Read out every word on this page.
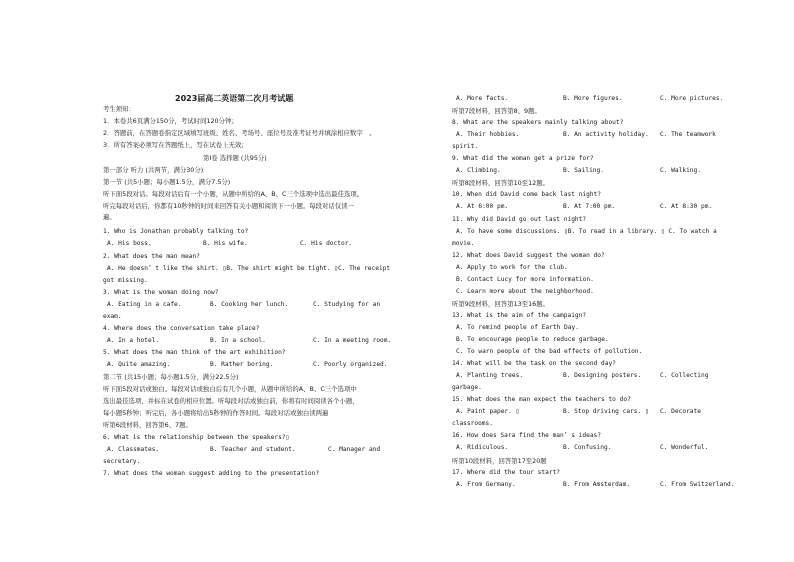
2023届高二英语第二次月考试题
考生须知：
1．本卷共6页满分150分，考试时间120分钟；
2．答题前，在答题卷指定区域填写班级、姓名、考场号、座位号及准考证号并填涂相应数字　。
3．所有答案必须写在答题纸上，写在试卷上无效；
第I卷 选择题 (共95分)
第一部分 听力 (共两节，满分30分)
第一节 (共5小题；每小题1.5分，满分7.5分)
听下面5段对话。每段对话后有一个小题，从题中所给的A、B、C三个选项中选出最佳选项。
听完每段对话后，你都有10秒钟的时间来回答有关小题和阅读下一小题。每段对话仅读一
遍。
1. Who is Jonathan probably talking to?
A. His boss.	B. His wife.	C. His doctor.
2. What does the man mean?
A. He doesn’ t like the shirt. ▯B. The shirt might be tight. ▯C. The receipt
got missing.
3. What is the woman doing now?
A. Eating in a cafe.	B. Cooking her lunch.	C. Studying for an
exam.
4. Where does the conversation take place?
A. In a hotel.	B. In a school.	C. In a meeting room.
5. What does the man think of the art exhibition?
A. Quite amazing.	B. Rather boring.	C. Poorly organized.
第二节 (共15小题；每小题1.5分，满分22.5分)
听下面5段对话或独白。每段对话或独白后有几个小题，从题中所给的A、B、C三个选项中
选出最佳选项，并标在试卷的相应位置。听每段对话或独白前，你将有时间阅读各个小题，
每小题5秒钟；听完后，各小题将给出5秒钟的作答时间。每段对话或独白读两遍
听第6段材料，回答第6、7题。
6. What is the relationship between the speakers?▯
A. Classmates.	B. Teacher and student.	C. Manager and
secretary.
7. What does the woman suggest adding to the presentation?
A. More facts.	B. More figures.	C. More pictures.
听第7段材料，回答第8、9题。
8. What are the speakers mainly talking about?
A. Their hobbies.	B. An activity holiday. C. The teamwork
spirit.
9. What did the woman get a prize for?
A. Climbing.	B. Sailing.	C. Walking.
听第8段材料，回答第10至12题。
10. When did David come back last night?
A. At 6:00 pm.	B. At 7:00 pm.	C. At 8:30 pm.
11. Why did David go out last night?
A. To have some discussions. ▯B. To read in a library. ▯ C. To watch a
movie.
12. What does David suggest the woman do?
A. Apply to work for the club.
B. Contact Lucy for more information.
C. Learn more about the neighborhood.
听第9段材料，回答第13至16题。
13. What is the aim of the campaign?
A. To remind people of Earth Day.
B. To encourage people to reduce garbage.
C. To warn people of the bad effects of pollution.
14. What will be the task on the second day?
A. Planting trees.	B. Designing posters.	C. Collecting
garbage.
15. What does the man expect the teachers to do?
A. Paint paper. ▯	B. Stop driving cars. ▯ C. Decorate
classrooms.
16. How does Sara find the man’ s ideas?
A. Ridiculous.	B. Confusing.	C. Wonderful.
听第10段材料，回答第17至20题
17. Where did the tour start?
A. From Germany.	B. From Amsterdam.	C. From Switzerland.
